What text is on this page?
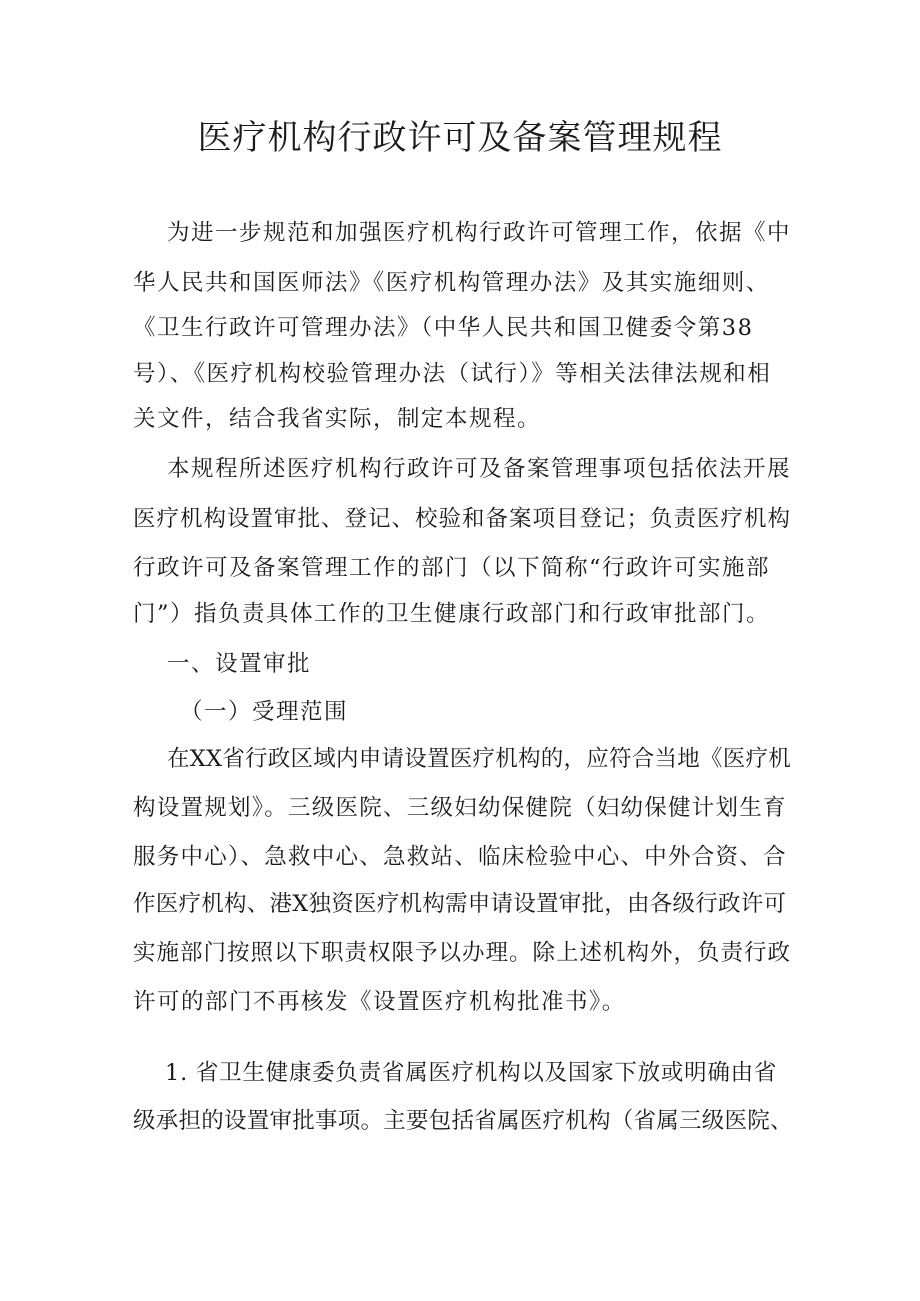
医疗机构行政许可及备案管理规程
为进一步规范和加强医疗机构行政许可管理工作，依据《中
华人民共和国医师法》《医疗机构管理办法》及其实施细则、
《卫生行政许可管理办法》（中华人民共和国卫健委令第38
号）、《医疗机构校验管理办法（试行）》等相关法律法规和相
关文件，结合我省实际，制定本规程。
本规程所述医疗机构行政许可及备案管理事项包括依法开展
医疗机构设置审批、登记、校验和备案项目登记；负责医疗机构
行政许可及备案管理工作的部门（以下简称“行政许可实施部
门”）指负责具体工作的卫生健康行政部门和行政审批部门。
一、设置审批
（一）受理范围
在XX省行政区域内申请设置医疗机构的，应符合当地《医疗机
构设置规划》。三级医院、三级妇幼保健院（妇幼保健计划生育
服务中心）、急救中心、急救站、临床检验中心、中外合资、合
作医疗机构、港X独资医疗机构需申请设置审批，由各级行政许可
实施部门按照以下职责权限予以办理。除上述机构外，负责行政
许可的部门不再核发《设置医疗机构批准书》。
1. 省卫生健康委负责省属医疗机构以及国家下放或明确由省
级承担的设置审批事项。主要包括省属医疗机构（省属三级医院、
